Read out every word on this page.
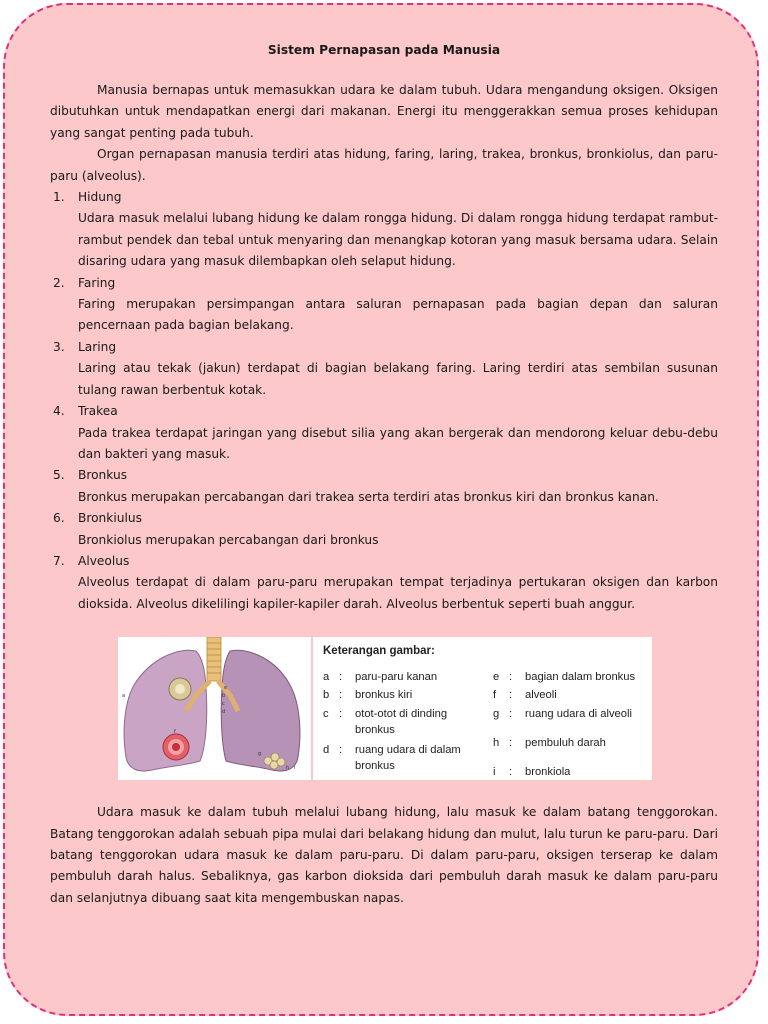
Sistem Pernapasan pada Manusia

Manusia bernapas untuk memasukkan udara ke dalam tubuh. Udara mengandung oksigen. Oksigen dibutuhkan untuk mendapatkan energi dari makanan. Energi itu menggerakkan semua proses kehidupan yang sangat penting pada tubuh.

Organ pernapasan manusia terdiri atas hidung, faring, laring, trakea, bronkus, bronkiolus, dan paru-paru (alveolus).

1. Hidung
Udara masuk melalui lubang hidung ke dalam rongga hidung. Di dalam rongga hidung terdapat rambut-rambut pendek dan tebal untuk menyaring dan menangkap kotoran yang masuk bersama udara. Selain disaring udara yang masuk dilembapkan oleh selaput hidung.
2. Faring
Faring merupakan persimpangan antara saluran pernapasan pada bagian depan dan saluran pencernaan pada bagian belakang.
3. Laring
Laring atau tekak (jakun) terdapat di bagian belakang faring. Laring terdiri atas sembilan susunan tulang rawan berbentuk kotak.
4. Trakea
Pada trakea terdapat jaringan yang disebut silia yang akan bergerak dan mendorong keluar debu-debu dan bakteri yang masuk.
5. Bronkus
Bronkus merupakan percabangan dari trakea serta terdiri atas bronkus kiri dan bronkus kanan.
6. Bronkiulus
Bronkiolus merupakan percabangan dari bronkus
7. Alveolus
Alveolus terdapat di dalam paru-paru merupakan tempat terjadinya pertukaran oksigen dan karbon dioksida. Alveolus dikelilingi kapiler-kapiler darah. Alveolus berbentuk seperti buah anggur.
a	b
c
d
e
f
g
h i
Keterangan gambar:
a : paru-paru kanan
b : bronkus kiri
c : otot-otot di dinding bronkus
d : ruang udara di dalam bronkus
e : bagian dalam bronkus
f : alveoli
g : ruang udara di alveoli
h : pembuluh darah
i : bronkiola

Udara masuk ke dalam tubuh melalui lubang hidung, lalu masuk ke dalam batang tenggorokan. Batang tenggorokan adalah sebuah pipa mulai dari belakang hidung dan mulut, lalu turun ke paru-paru. Dari batang tenggorokan udara masuk ke dalam paru-paru. Di dalam paru-paru, oksigen terserap ke dalam pembuluh darah halus. Sebaliknya, gas karbon dioksida dari pembuluh darah masuk ke dalam paru-paru dan selanjutnya dibuang saat kita mengembuskan napas.
